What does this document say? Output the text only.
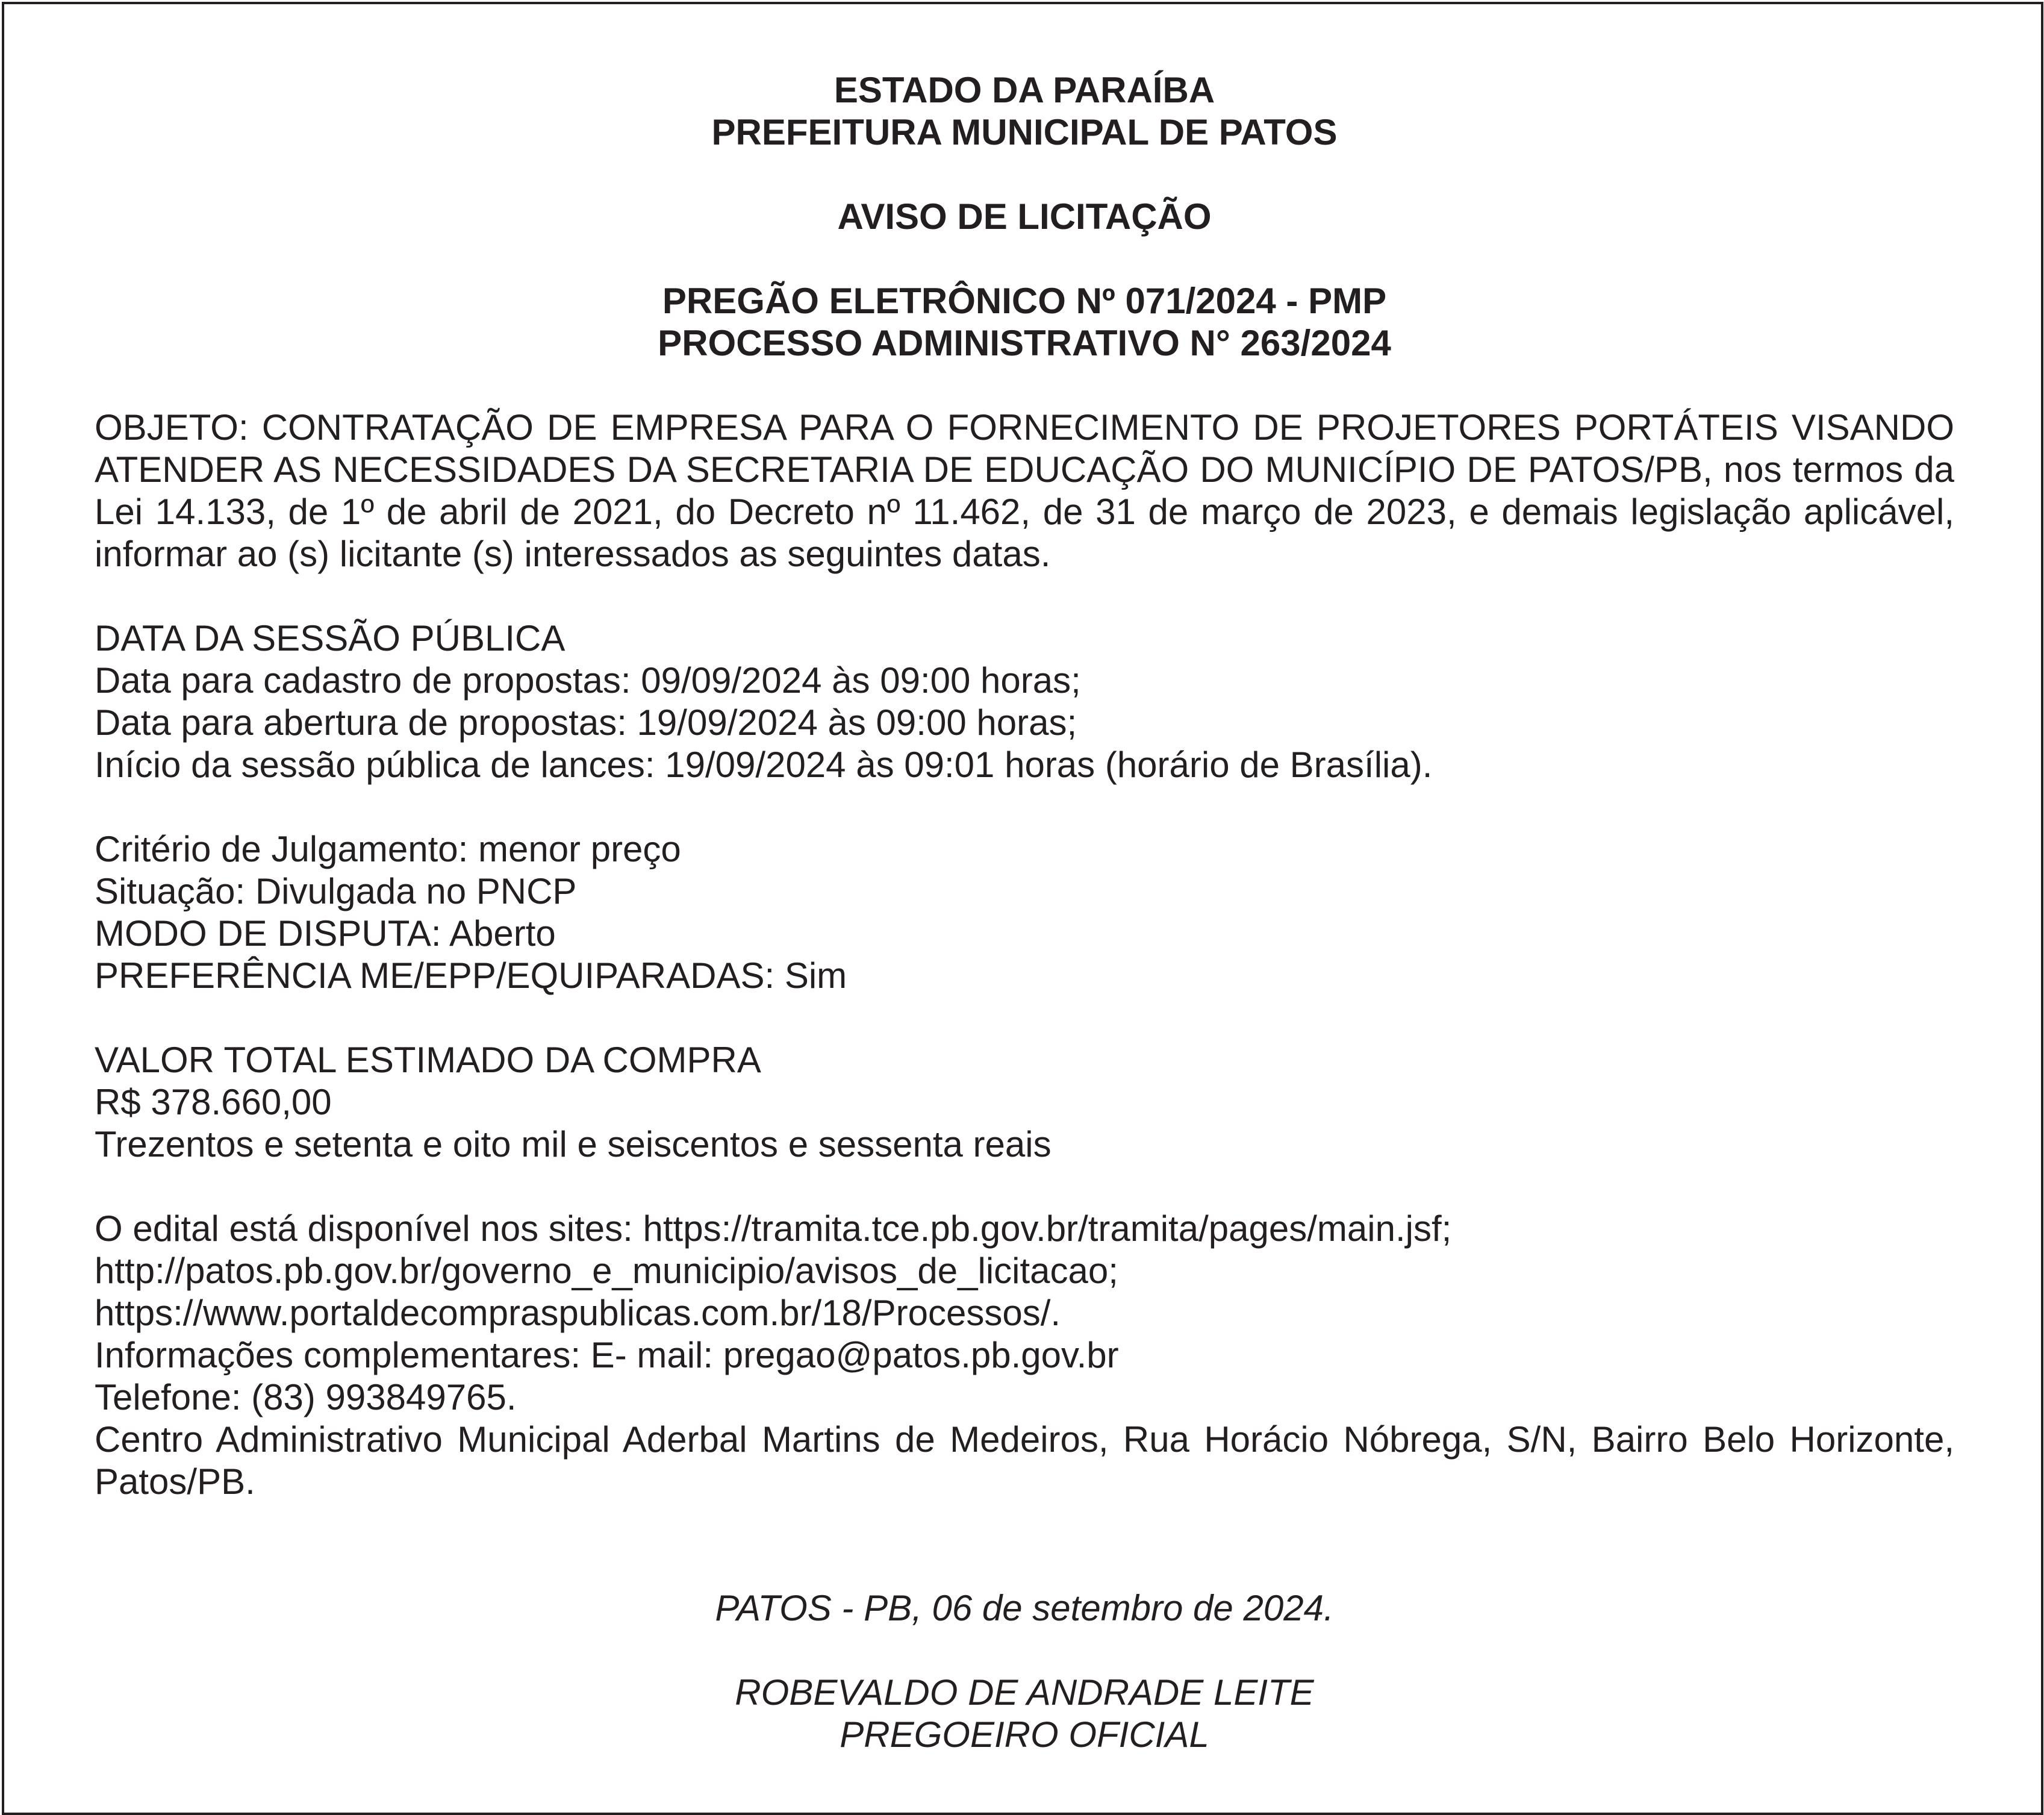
ESTADO DA PARAÍBA
PREFEITURA MUNICIPAL DE PATOS
AVISO DE LICITAÇÃO
PREGÃO ELETRÔNICO Nº 071/2024 - PMP
PROCESSO ADMINISTRATIVO N° 263/2024
OBJETO: CONTRATAÇÃO DE EMPRESA PARA O FORNECIMENTO DE PROJETORES PORTÁTEIS VISANDO ATENDER AS NECESSIDADES DA SECRETARIA DE EDUCAÇÃO DO MUNICÍPIO DE PATOS/PB, nos termos da Lei 14.133, de 1º de abril de 2021, do Decreto nº 11.462, de 31 de março de 2023, e demais legislação aplicável, informar ao (s) licitante (s) interessados as seguintes datas.
DATA DA SESSÃO PÚBLICA
Data para cadastro de propostas: 09/09/2024 às 09:00 horas;
Data para abertura de propostas: 19/09/2024 às 09:00 horas;
Início da sessão pública de lances: 19/09/2024 às 09:01 horas (horário de Brasília).
Critério de Julgamento: menor preço
Situação: Divulgada no PNCP
MODO DE DISPUTA: Aberto
PREFERÊNCIA ME/EPP/EQUIPARADAS: Sim
VALOR TOTAL ESTIMADO DA COMPRA
R$ 378.660,00
Trezentos e setenta e oito mil e seiscentos e sessenta reais
O edital está disponível nos sites: https://tramita.tce.pb.gov.br/tramita/pages/main.jsf;
http://patos.pb.gov.br/governo_e_municipio/avisos_de_licitacao;
https://www.portaldecompraspublicas.com.br/18/Processos/.
Informações complementares: E- mail: pregao@patos.pb.gov.br
Telefone: (83) 993849765.
Centro Administrativo Municipal Aderbal Martins de Medeiros, Rua Horácio Nóbrega, S/N, Bairro Belo Horizonte, Patos/PB.
PATOS - PB, 06 de setembro de 2024.
ROBEVALDO DE ANDRADE LEITE
PREGOEIRO OFICIAL
